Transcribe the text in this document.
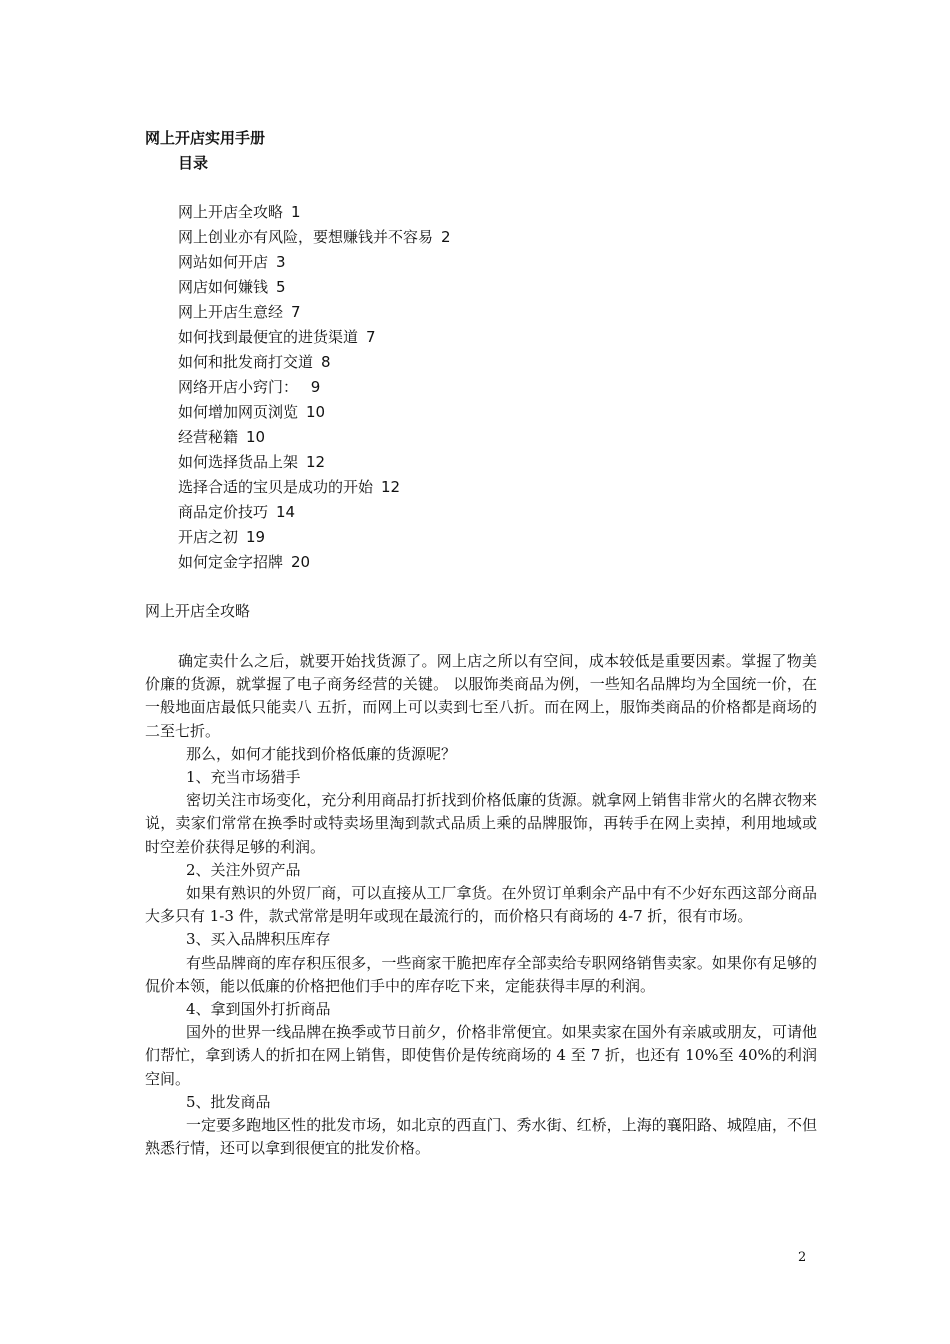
网上开店实用手册
目录
网上开店全攻略 1
网上创业亦有风险，要想赚钱并不容易 2
网站如何开店 3
网店如何嫌钱 5
网上开店生意经 7
如何找到最便宜的进货渠道 7
如何和批发商打交道 8
网络开店小窍门： 9
如何增加网页浏览 10
经营秘籍 10
如何选择货品上架 12
选择合适的宝贝是成功的开始 12
商品定价技巧 14
开店之初 19
如何定金字招牌 20
网上开店全攻略

确定卖什么之后，就要开始找货源了。网上店之所以有空间，成本较低是重要因素。掌握了物美价廉的货源，就掌握了电子商务经营的关键。 以服饰类商品为例，一些知名品牌均为全国统一价，在一般地面店最低只能卖八 五折，而网上可以卖到七至八折。而在网上，服饰类商品的价格都是商场的二至七折。

那么，如何才能找到价格低廉的货源呢？

1、充当市场猎手

密切关注市场变化，充分利用商品打折找到价格低廉的货源。就拿网上销售非常火的名牌衣物来说，卖家们常常在换季时或特卖场里淘到款式品质上乘的品牌服饰，再转手在网上卖掉，利用地域或时空差价获得足够的利润。

2、关注外贸产品

如果有熟识的外贸厂商，可以直接从工厂拿货。在外贸订单剩余产品中有不少好东西这部分商品大多只有 1-3 件，款式常常是明年或现在最流行的，而价格只有商场的 4-7 折，很有市场。

3、买入品牌积压库存

有些品牌商的库存积压很多，一些商家干脆把库存全部卖给专职网络销售卖家。如果你有足够的侃价本领，能以低廉的价格把他们手中的库存吃下来，定能获得丰厚的利润。

4、拿到国外打折商品

国外的世界一线品牌在换季或节日前夕，价格非常便宜。如果卖家在国外有亲戚或朋友，可请他们帮忙，拿到诱人的折扣在网上销售，即使售价是传统商场的 4 至 7 折，也还有 10%至 40%的利润空间。

5、批发商品

一定要多跑地区性的批发市场，如北京的西直门、秀水街、红桥，上海的襄阳路、城隍庙，不但熟悉行情，还可以拿到很便宜的批发价格。

2
